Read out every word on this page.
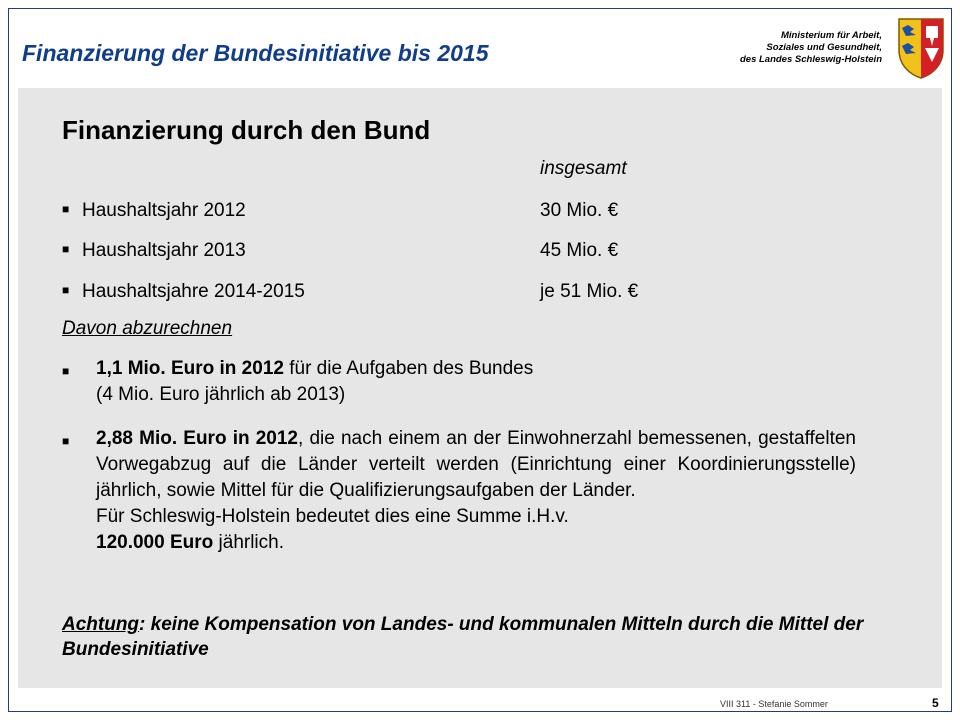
Finanzierung der Bundesinitiative bis 2015
Ministerium für Arbeit,
Soziales und Gesundheit,
des Landes Schleswig-Holstein
Finanzierung durch den Bund
insgesamt
■ Haushaltsjahr 2012	30 Mio. €
■ Haushaltsjahr 2013	45 Mio. €
■ Haushaltsjahre 2014-2015	je 51 Mio. €
Davon abzurechnen
■ 1,1 Mio. Euro in 2012 für die Aufgaben des Bundes
(4 Mio. Euro jährlich ab 2013)
■ 2,88 Mio. Euro in 2012, die nach einem an der Einwohnerzahl bemessenen, gestaffelten Vorwegabzug auf die Länder verteilt werden (Einrichtung einer Koordinierungsstelle) jährlich, sowie Mittel für die Qualifizierungsaufgaben der Länder.
Für Schleswig-Holstein bedeutet dies eine Summe i.H.v.
120.000 Euro jährlich.
Achtung: keine Kompensation von Landes- und kommunalen Mitteln durch die Mittel der Bundesinitiative
VIII 311 - Stefanie Sommer	5
